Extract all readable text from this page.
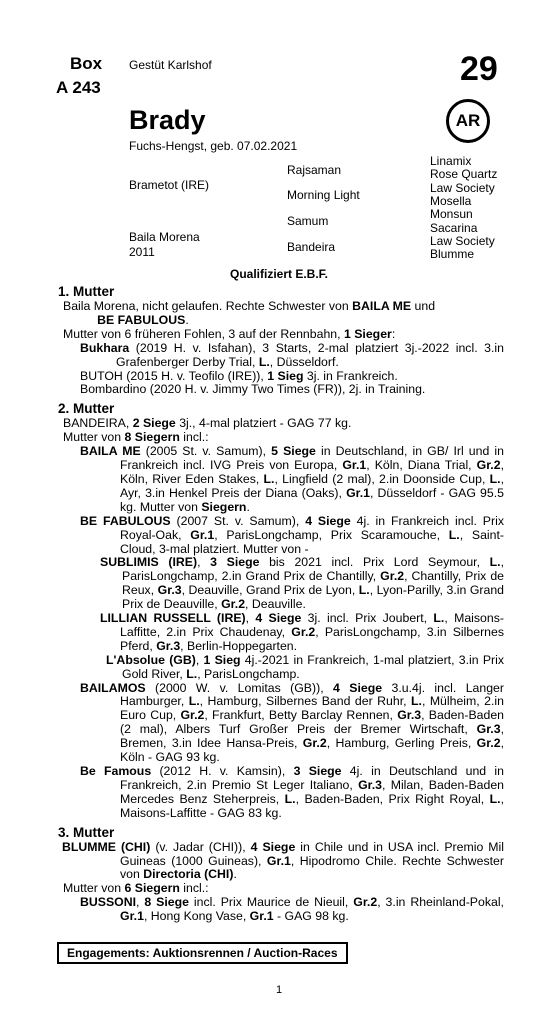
Box
A 243
Gestüt Karlshof	29
AR
Brady
Fuchs-Hengst, geb. 07.02.2021
Brametot (IRE)
Baila Morena
2011
Rajsaman
Morning Light
Samum
Bandeira
Linamix
Rose Quartz
Law Society
Mosella
Monsun
Sacarina
Law Society
Blumme
Qualifiziert E.B.F.
1. Mutter
Baila Morena, nicht gelaufen. Rechte Schwester von BAILA ME und
BE FABULOUS.
Mutter von 6 früheren Fohlen, 3 auf der Rennbahn, 1 Sieger:
Bukhara (2019 H. v. Isfahan), 3 Starts, 2-mal platziert 3j.-2022 incl. 3.in Grafenberger Derby Trial, L., Düsseldorf.
BUTOH (2015 H. v. Teofilo (IRE)), 1 Sieg 3j. in Frankreich.
Bombardino (2020 H. v. Jimmy Two Times (FR)), 2j. in Training.
2. Mutter
BANDEIRA, 2 Siege 3j., 4-mal platziert - GAG 77 kg.
Mutter von 8 Siegern incl.:
BAILA ME (2005 St. v. Samum), 5 Siege in Deutschland, in GB/ Irl und in Frankreich incl. IVG Preis von Europa, Gr.1, Köln, Diana Trial, Gr.2, Köln, River Eden Stakes, L., Lingfield (2 mal), 2.in Doonside Cup, L., Ayr, 3.in Henkel Preis der Diana (Oaks), Gr.1, Düsseldorf - GAG 95.5 kg. Mutter von Siegern.
BE FABULOUS (2007 St. v. Samum), 4 Siege 4j. in Frankreich incl. Prix Royal-Oak, Gr.1, ParisLongchamp, Prix Scaramouche, L., Saint-Cloud, 3-mal platziert. Mutter von -
SUBLIMIS (IRE), 3 Siege bis 2021 incl. Prix Lord Seymour, L., ParisLongchamp, 2.in Grand Prix de Chantilly, Gr.2, Chantilly, Prix de Reux, Gr.3, Deauville, Grand Prix de Lyon, L., Lyon-Parilly, 3.in Grand Prix de Deauville, Gr.2, Deauville.
LILLIAN RUSSELL (IRE), 4 Siege 3j. incl. Prix Joubert, L., Maisons-Laffitte, 2.in Prix Chaudenay, Gr.2, ParisLongchamp, 3.in Silbernes Pferd, Gr.3, Berlin-Hoppegarten.
L'Absolue (GB), 1 Sieg 4j.-2021 in Frankreich, 1-mal platziert, 3.in Prix Gold River, L., ParisLongchamp.
BAILAMOS (2000 W. v. Lomitas (GB)), 4 Siege 3.u.4j. incl. Langer Hamburger, L., Hamburg, Silbernes Band der Ruhr, L., Mülheim, 2.in Euro Cup, Gr.2, Frankfurt, Betty Barclay Rennen, Gr.3, Baden-Baden (2 mal), Albers Turf Großer Preis der Bremer Wirtschaft, Gr.3, Bremen, 3.in Idee Hansa-Preis, Gr.2, Hamburg, Gerling Preis, Gr.2, Köln - GAG 93 kg.
Be Famous (2012 H. v. Kamsin), 3 Siege 4j. in Deutschland und in Frankreich, 2.in Premio St Leger Italiano, Gr.3, Milan, Baden-Baden Mercedes Benz Steherpreis, L., Baden-Baden, Prix Right Royal, L., Maisons-Laffitte - GAG 83 kg.
3. Mutter
BLUMME (CHI) (v. Jadar (CHI)), 4 Siege in Chile und in USA incl. Premio Mil Guineas (1000 Guineas), Gr.1, Hipodromo Chile. Rechte Schwester von Directoria (CHI).
Mutter von 6 Siegern incl.:
BUSSONI, 8 Siege incl. Prix Maurice de Nieuil, Gr.2, 3.in Rheinland-Pokal, Gr.1, Hong Kong Vase, Gr.1 - GAG 98 kg.
Engagements: Auktionsrennen / Auction-Races
1
